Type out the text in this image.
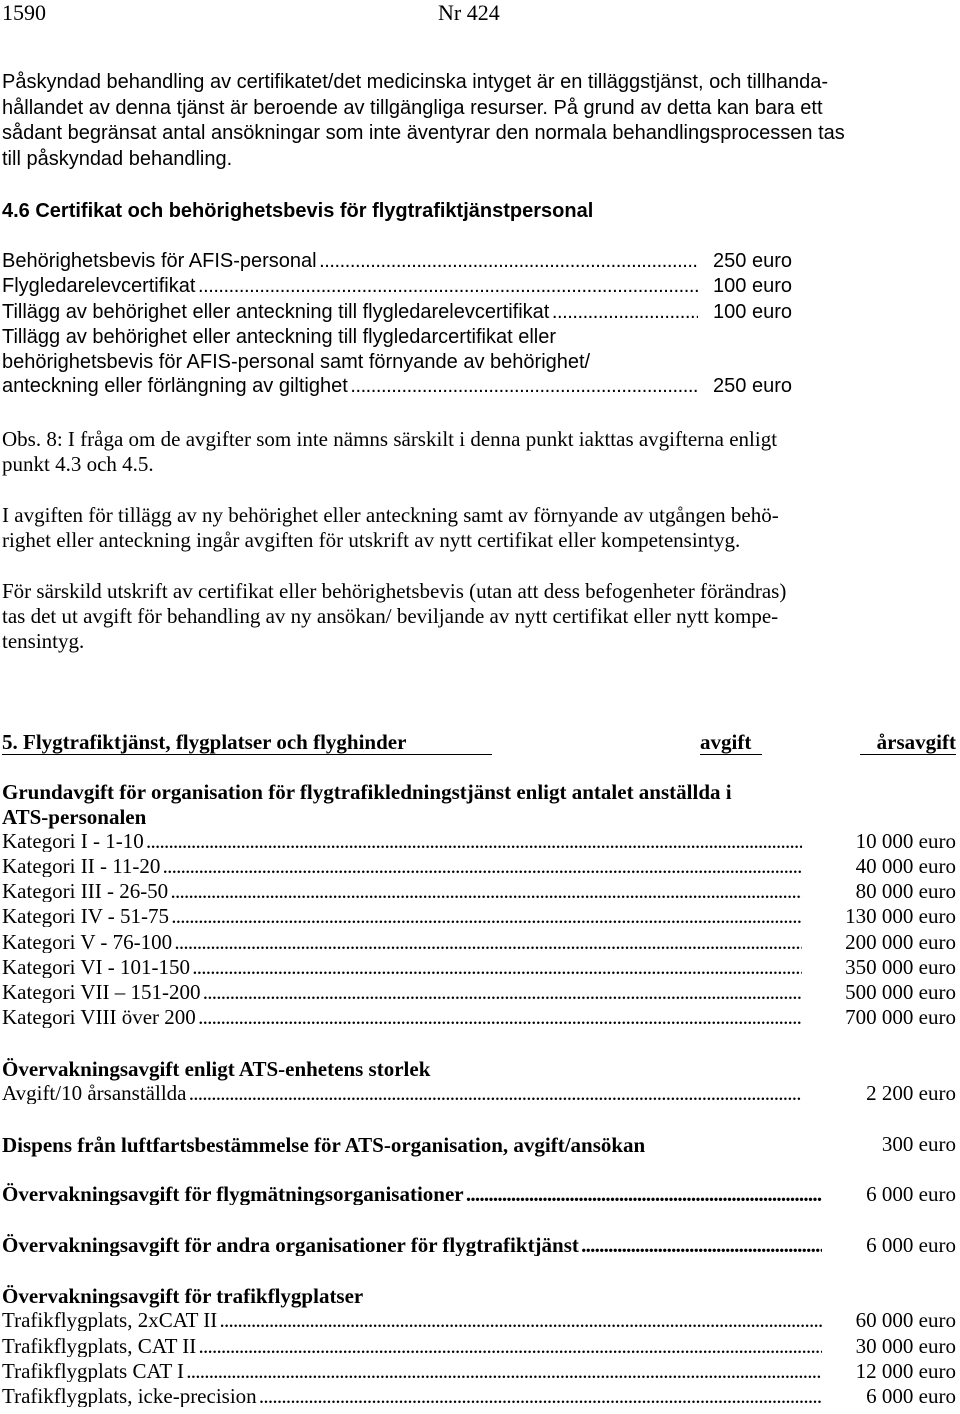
1590	Nr 424
Påskyndad behandling av certifikatet/det medicinska intyget är en tilläggstjänst, och tillhanda-
hållandet av denna tjänst är beroende av tillgängliga resurser. På grund av detta kan bara ett
sådant begränsat antal ansökningar som inte äventyrar den normala behandlingsprocessen tas
till påskyndad behandling.
4.6 Certifikat och behörighetsbevis för flygtrafiktjänstpersonal
Behörighetsbevis för AFIS-personal . . .	250 euro
Flygledarelevcertifikat . . .	100 euro
Tillägg av behörighet eller anteckning till flygledarelevcertifikat . . .	100 euro
Tillägg av behörighet eller anteckning till flygledarcertifikat eller
behörighetsbevis för AFIS-personal samt förnyande av behörighet/
anteckning eller förlängning av giltighet . . .	250 euro
Obs. 8: I fråga om de avgifter som inte nämns särskilt i denna punkt iakttas avgifterna enligt
punkt 4.3 och 4.5.
I avgiften för tillägg av ny behörighet eller anteckning samt av förnyande av utgången behö-
righet eller anteckning ingår avgiften för utskrift av nytt certifikat eller kompetensintyg.
För särskild utskrift av certifikat eller behörighetsbevis (utan att dess befogenheter förändras)
tas det ut avgift för behandling av ny ansökan/ beviljande av nytt certifikat eller nytt kompe-
tensintyg.
5. Flygtrafiktjänst, flygplatser och flyghinder	avgift	årsavgift
Grundavgift för organisation för flygtrafikledningstjänst enligt antalet anställda i
ATS-personalen
Kategori I - 1-10 . . .	10 000 euro
Kategori II - 11-20 . . .	40 000 euro
Kategori III - 26-50 . . .	80 000 euro
Kategori IV - 51-75 . . .	130 000 euro
Kategori V - 76-100 . . .	200 000 euro
Kategori VI - 101-150 . . .	350 000 euro
Kategori VII – 151-200 . . .	500 000 euro
Kategori VIII över 200 . . .	700 000 euro
Övervakningsavgift enligt ATS-enhetens storlek
Avgift/10 årsanställda . . .	2 200 euro
Dispens från luftfartsbestämmelse för ATS-organisation, avgift/ansökan	300 euro
Övervakningsavgift för flygmätningsorganisationer . . .	6 000 euro
Övervakningsavgift för andra organisationer för flygtrafiktjänst . . .	6 000 euro
Övervakningsavgift för trafikflygplatser
Trafikflygplats, 2xCAT II . . .	60 000 euro
Trafikflygplats, CAT II . . .	30 000 euro
Trafikflygplats CAT I . . .	12 000 euro
Trafikflygplats, icke-precision . . .	6 000 euro
